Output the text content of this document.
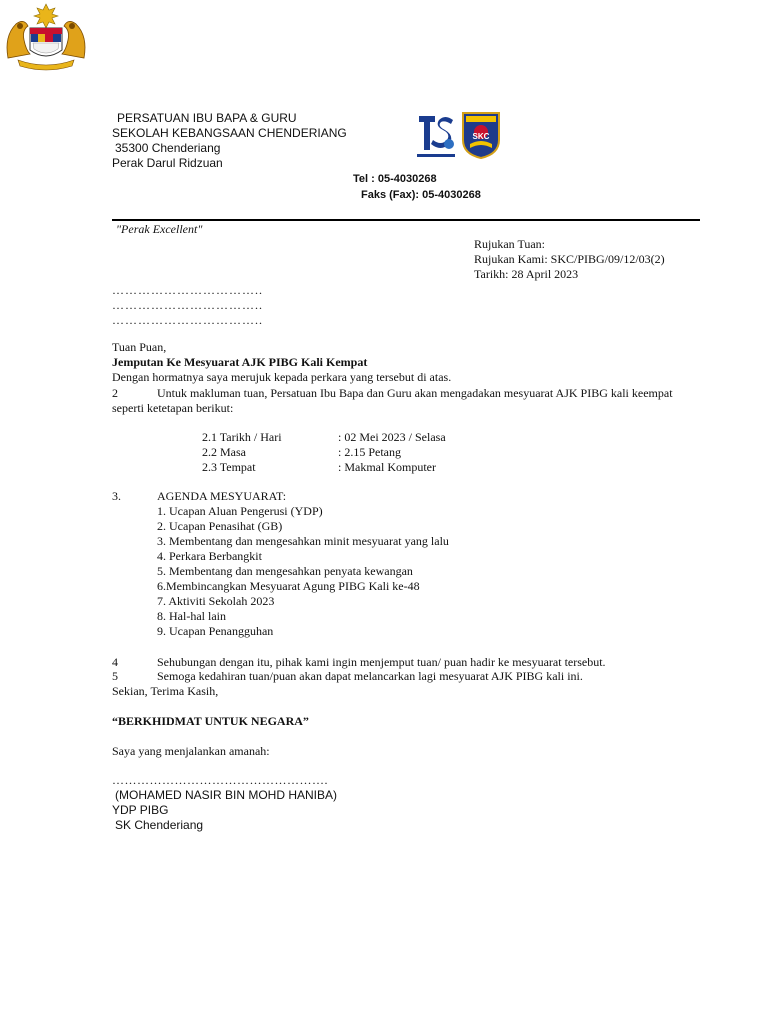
PERSATUAN IBU BAPA & GURU
SEKOLAH KEBANGSAAN CHENDERIANG
35300 Chenderiang
Perak Darul Ridzuan
SKC
Tel : 05-4030268
Faks (Fax): 05-4030268
"Perak Excellent"
Rujukan Tuan:
Rujukan Kami: SKC/PIBG/09/12/03(2)
Tarikh: 28 April 2023
……………………………..
……………………………..
……………………………..
Tuan Puan,
Jemputan Ke Mesyuarat AJK PIBG Kali Kempat
Dengan hormatnya saya merujuk kepada perkara yang tersebut di atas.
2	Untuk makluman tuan, Persatuan Ibu Bapa dan Guru akan mengadakan mesyuarat AJK PIBG kali keempat
seperti ketetapan berikut:
2.1 Tarikh / Hari	: 02 Mei 2023 / Selasa
2.2 Masa	: 2.15 Petang
2.3 Tempat	: Makmal Komputer
3.	AGENDA MESYUARAT:
1. Ucapan Aluan Pengerusi (YDP)
2. Ucapan Penasihat (GB)
3. Membentang dan mengesahkan minit mesyuarat yang lalu
4. Perkara Berbangkit
5. Membentang dan mengesahkan penyata kewangan
6.Membincangkan Mesyuarat Agung PIBG Kali ke-48
7. Aktiviti Sekolah 2023
8. Hal-hal lain
9. Ucapan Penangguhan
4	Sehubungan dengan itu, pihak kami ingin menjemput tuan/ puan hadir ke mesyuarat tersebut.
5	Semoga kedahiran tuan/puan akan dapat melancarkan lagi mesyuarat AJK PIBG kali ini.
Sekian, Terima Kasih,
“BERKHIDMAT UNTUK NEGARA”
Saya yang menjalankan amanah:
…………………………………………….
(MOHAMED NASIR BIN MOHD HANIBA)
YDP PIBG
SK Chenderiang
